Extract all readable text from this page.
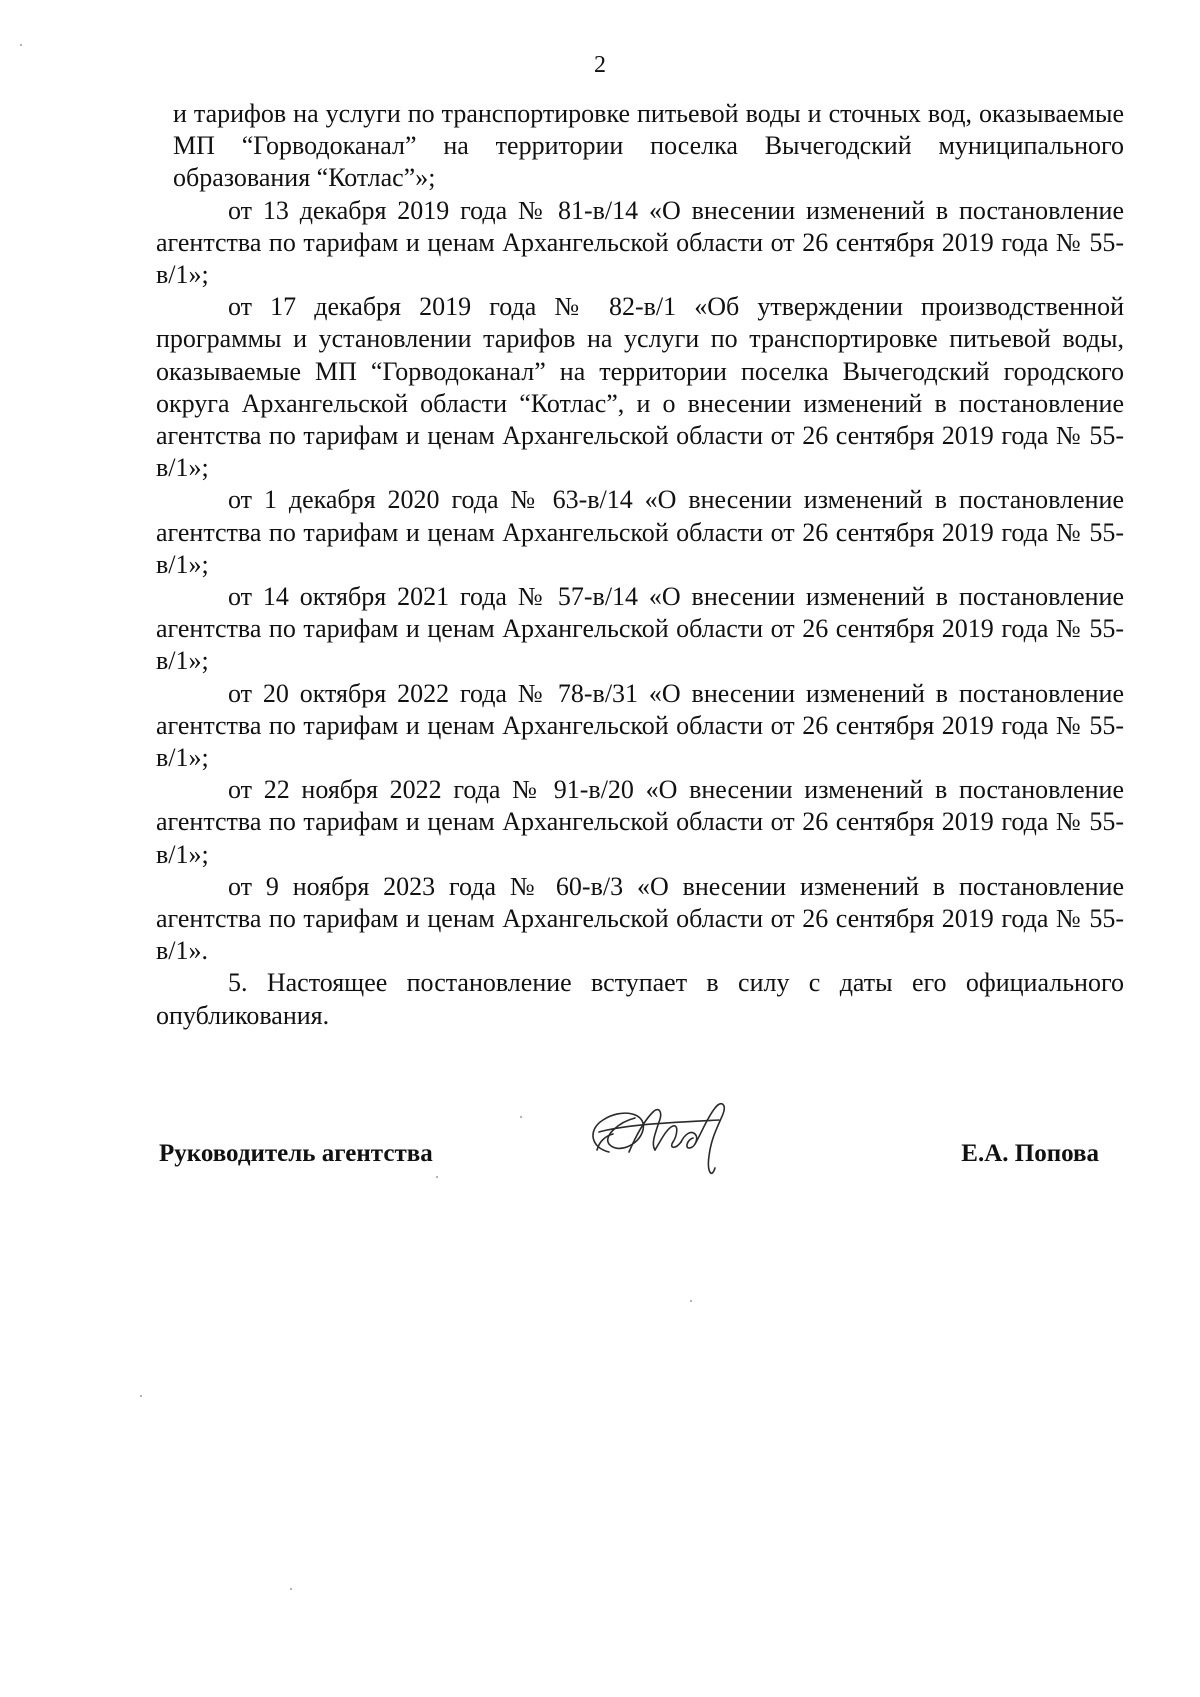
2

и тарифов на услуги по транспортировке питьевой воды и сточных вод, оказываемые МП “Горводоканал” на территории поселка Вычегодский муниципального образования “Котлас”»;

от 13 декабря 2019 года № 81-в/14 «О внесении изменений в постановление агентства по тарифам и ценам Архангельской области от 26 сентября 2019 года № 55-в/1»;

от 17 декабря 2019 года № 82-в/1 «Об утверждении производственной программы и установлении тарифов на услуги по транспортировке питьевой воды, оказываемые МП “Горводоканал” на территории поселка Вычегодский городского округа Архангельской области “Котлас”, и о внесении изменений в постановление агентства по тарифам и ценам Архангельской области от 26 сентября 2019 года № 55-в/1»;

от 1 декабря 2020 года № 63-в/14 «О внесении изменений в постановление агентства по тарифам и ценам Архангельской области от 26 сентября 2019 года № 55-в/1»;

от 14 октября 2021 года № 57-в/14 «О внесении изменений в постановление агентства по тарифам и ценам Архангельской области от 26 сентября 2019 года № 55-в/1»;

от 20 октября 2022 года № 78-в/31 «О внесении изменений в постановление агентства по тарифам и ценам Архангельской области от 26 сентября 2019 года № 55-в/1»;

от 22 ноября 2022 года № 91-в/20 «О внесении изменений в постановление агентства по тарифам и ценам Архангельской области от 26 сентября 2019 года № 55-в/1»;

от 9 ноября 2023 года № 60-в/3 «О внесении изменений в постановление агентства по тарифам и ценам Архангельской области от 26 сентября 2019 года № 55-в/1».

5. Настоящее постановление вступает в силу с даты его официального опубликования.

Руководитель агентства	Е.А. Попова
